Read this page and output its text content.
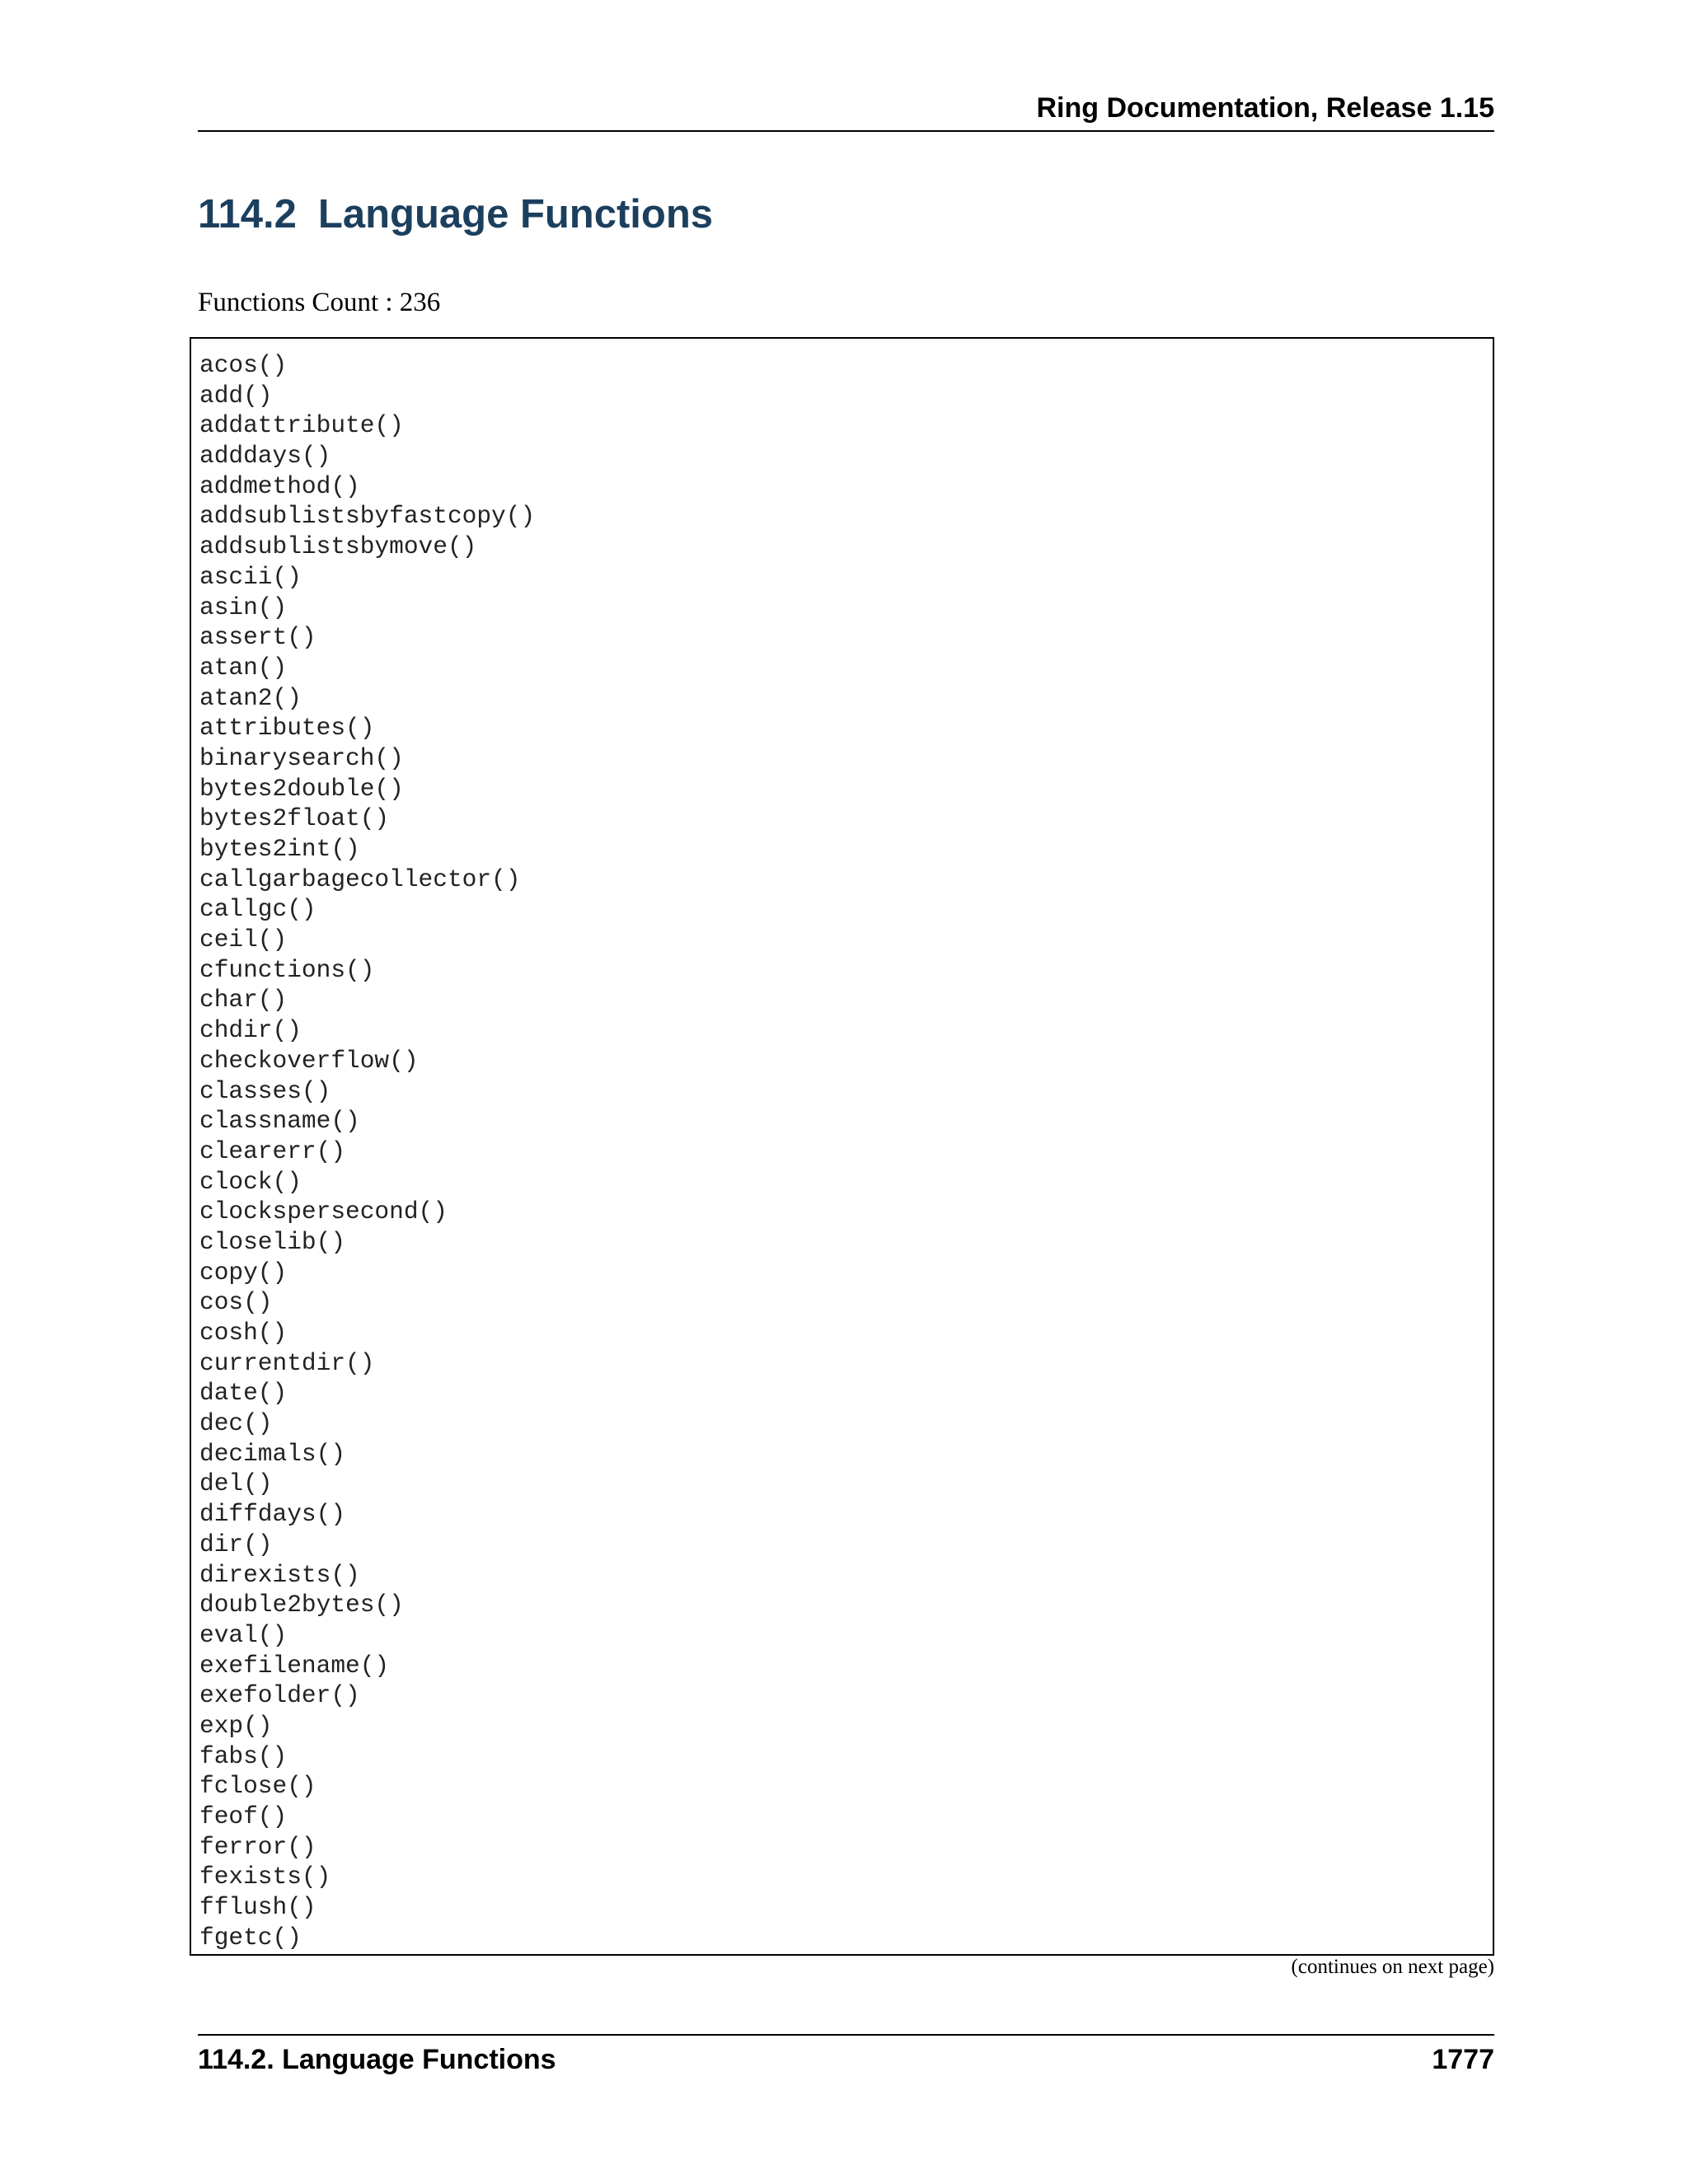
Ring Documentation, Release 1.15
114.2 Language Functions
Functions Count : 236
acos()
add()
addattribute()
adddays()
addmethod()
addsublistsbyfastcopy()
addsublistsbymove()
ascii()
asin()
assert()
atan()
atan2()
attributes()
binarysearch()
bytes2double()
bytes2float()
bytes2int()
callgarbagecollector()
callgc()
ceil()
cfunctions()
char()
chdir()
checkoverflow()
classes()
classname()
clearerr()
clock()
clockspersecond()
closelib()
copy()
cos()
cosh()
currentdir()
date()
dec()
decimals()
del()
diffdays()
dir()
direxists()
double2bytes()
eval()
exefilename()
exefolder()
exp()
fabs()
fclose()
feof()
ferror()
fexists()
fflush()
fgetc()
(continues on next page)
114.2. Language Functions	1777
